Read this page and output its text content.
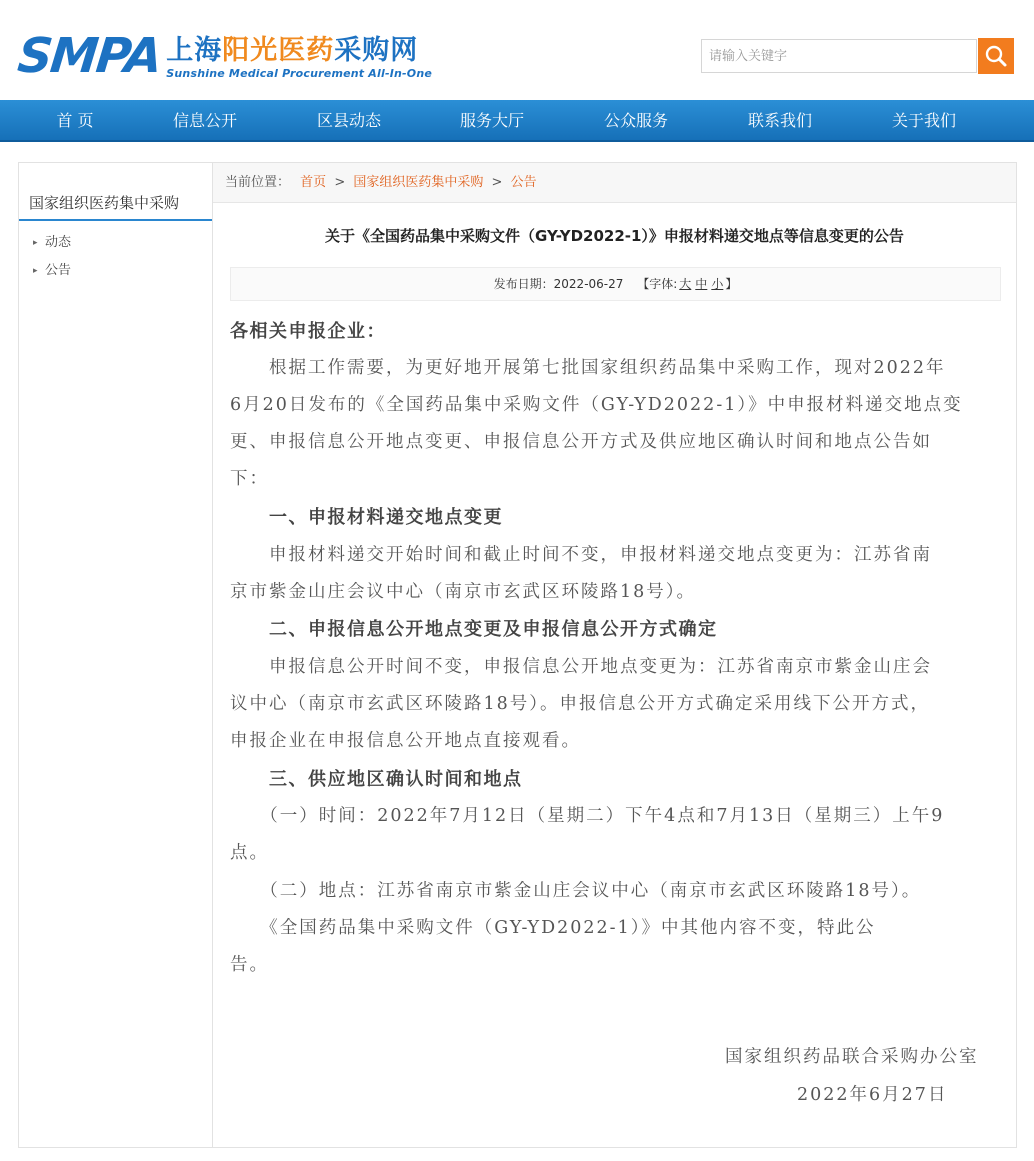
SMPA 上海阳光医药采购网
Sunshine Medical Procurement All-In-One
请输入关键字
首 页	信息公开	区县动态	服务大厅	公众服务	联系我们	关于我们
国家组织医药集中采购
▸ 动态
▸ 公告
当前位置： 首页 > 国家组织医药集中采购 > 公告
关于《全国药品集中采购文件（GY-YD2022-1）》申报材料递交地点等信息变更的公告
发布日期：2022-06-27 【字体: 大 中 小 】
各相关申报企业：
　　根据工作需要，为更好地开展第七批国家组织药品集中采购工作，现对2022年
6月20日发布的《全国药品集中采购文件（GY-YD2022-1）》中申报材料递交地点变
更、申报信息公开地点变更、申报信息公开方式及供应地区确认时间和地点公告如
下：
　　一、申报材料递交地点变更
　　申报材料递交开始时间和截止时间不变，申报材料递交地点变更为：江苏省南
京市紫金山庄会议中心（南京市玄武区环陵路18号）。
　　二、申报信息公开地点变更及申报信息公开方式确定
　　申报信息公开时间不变，申报信息公开地点变更为：江苏省南京市紫金山庄会
议中心（南京市玄武区环陵路18号）。申报信息公开方式确定采用线下公开方式，
申报企业在申报信息公开地点直接观看。
　　三、供应地区确认时间和地点
　　（一）时间：2022年7月12日（星期二）下午4点和7月13日（星期三）上午9
点。
　　（二）地点：江苏省南京市紫金山庄会议中心（南京市玄武区环陵路18号）。
　　《全国药品集中采购文件（GY-YD2022-1）》中其他内容不变，特此公
告。
国家组织药品联合采购办公室
2022年6月27日
